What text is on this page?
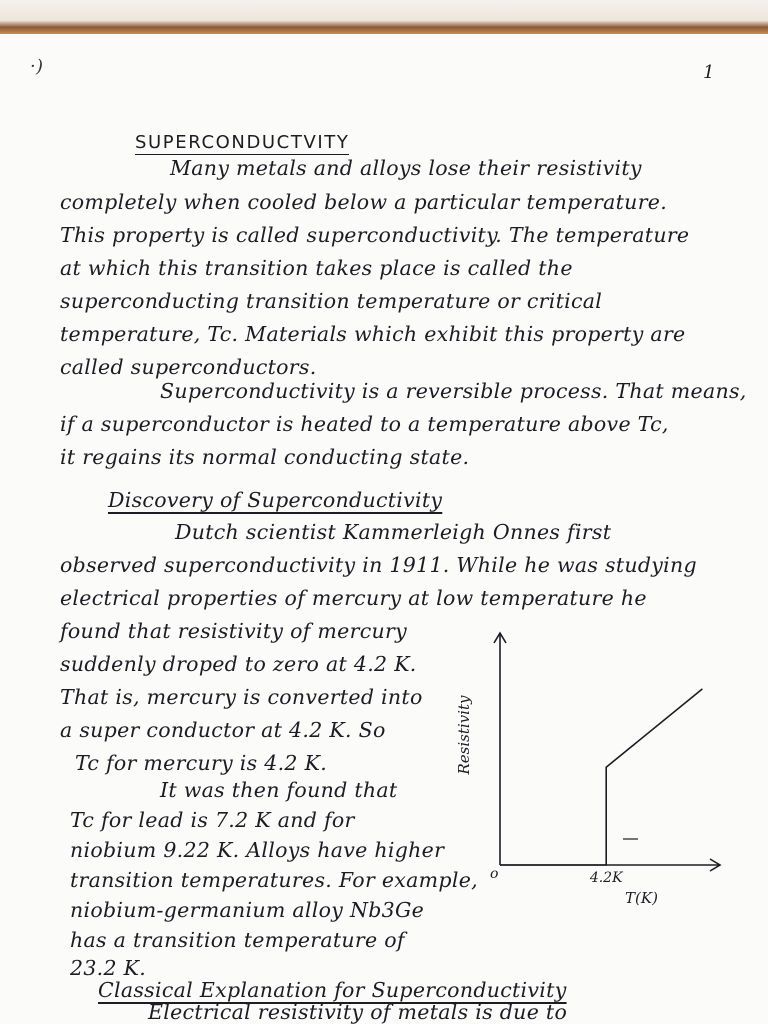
·)	1
SUPERCONDUCTVITY
Many metals and alloys lose their resistivity
completely when cooled below a particular temperature.
This property is called superconductivity. The temperature
at which this transition takes place is called the
superconducting transition temperature or critical
temperature, Tc. Materials which exhibit this property are
called superconductors.
Superconductivity is a reversible process. That means,
if a superconductor is heated to a temperature above Tc,
it regains its normal conducting state.
Discovery of Superconductivity
Dutch scientist Kammerleigh Onnes first
observed superconductivity in 1911. While he was studying
electrical properties of mercury at low temperature he
found that resistivity of mercury
suddenly droped to zero at 4.2 K.
That is, mercury is converted into
a super conductor at 4.2 K. So
Tc for mercury is 4.2 K.
It was then found that
Tc for lead is 7.2 K and for
niobium 9.22 K. Alloys have higher
transition temperatures. For example,
niobium-germanium alloy Nb3Ge
has a transition temperature of
23.2 K.
Classical Explanation for Superconductivity
Electrical resistivity of metals is due to
Resistivity
4.2K
o
T(K)
